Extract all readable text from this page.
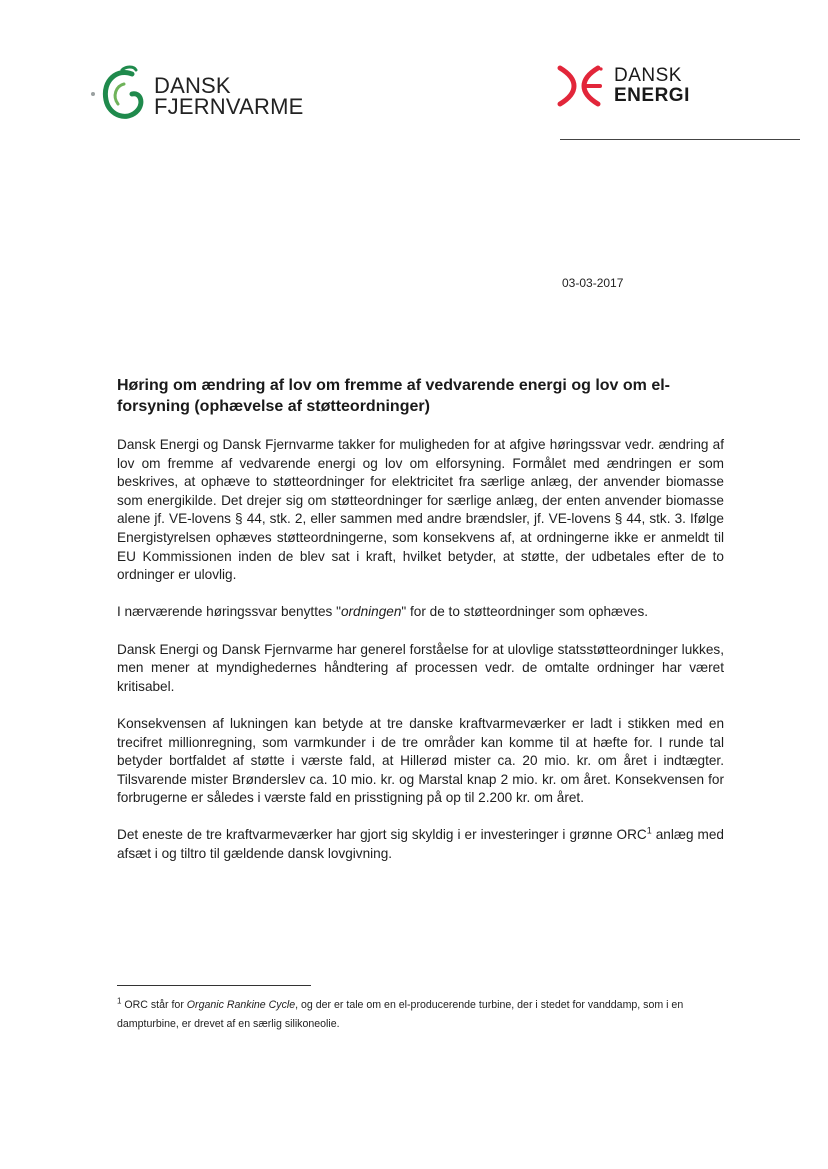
DANSK
FJERNVARME
DANSK
ENERGI
03-03-2017
Høring om ændring af lov om fremme af vedvarende energi og lov om el-forsyning (ophævelse af støtteordninger)

Dansk Energi og Dansk Fjernvarme takker for muligheden for at afgive høringssvar vedr. ændring af lov om fremme af vedvarende energi og lov om elforsyning. Formålet med ændringen er som beskrives, at ophæve to støtteordninger for elektricitet fra særlige anlæg, der anvender biomasse som energikilde. Det drejer sig om støtteordninger for særlige anlæg, der enten anvender biomasse alene jf. VE-lovens § 44, stk. 2, eller sammen med andre brændsler, jf. VE-lovens § 44, stk. 3. Ifølge Energistyrelsen ophæves støtteordningerne, som konsekvens af, at ordningerne ikke er anmeldt til EU Kommissionen inden de blev sat i kraft, hvilket betyder, at støtte, der udbetales efter de to ordninger er ulovlig.

I nærværende høringssvar benyttes "ordningen" for de to støtteordninger som ophæves.

Dansk Energi og Dansk Fjernvarme har generel forståelse for at ulovlige statsstøtteordninger lukkes, men mener at myndighedernes håndtering af processen vedr. de omtalte ordninger har været kritisabel.

Konsekvensen af lukningen kan betyde at tre danske kraftvarmeværker er ladt i stikken med en trecifret millionregning, som varmkunder i de tre områder kan komme til at hæfte for. I runde tal betyder bortfaldet af støtte i værste fald, at Hillerød mister ca. 20 mio. kr. om året i indtægter. Tilsvarende mister Brønderslev ca. 10 mio. kr. og Marstal knap 2 mio. kr. om året. Konsekvensen for forbrugerne er således i værste fald en prisstigning på op til 2.200 kr. om året.

Det eneste de tre kraftvarmeværker har gjort sig skyldig i er investeringer i grønne ORC$^1$ anlæg med afsæt i og tiltro til gældende dansk lovgivning.

$^1$ ORC står for Organic Rankine Cycle, og der er tale om en el-producerende turbine, der i stedet for vanddamp, som i en dampturbine, er drevet af en særlig silikoneolie.
